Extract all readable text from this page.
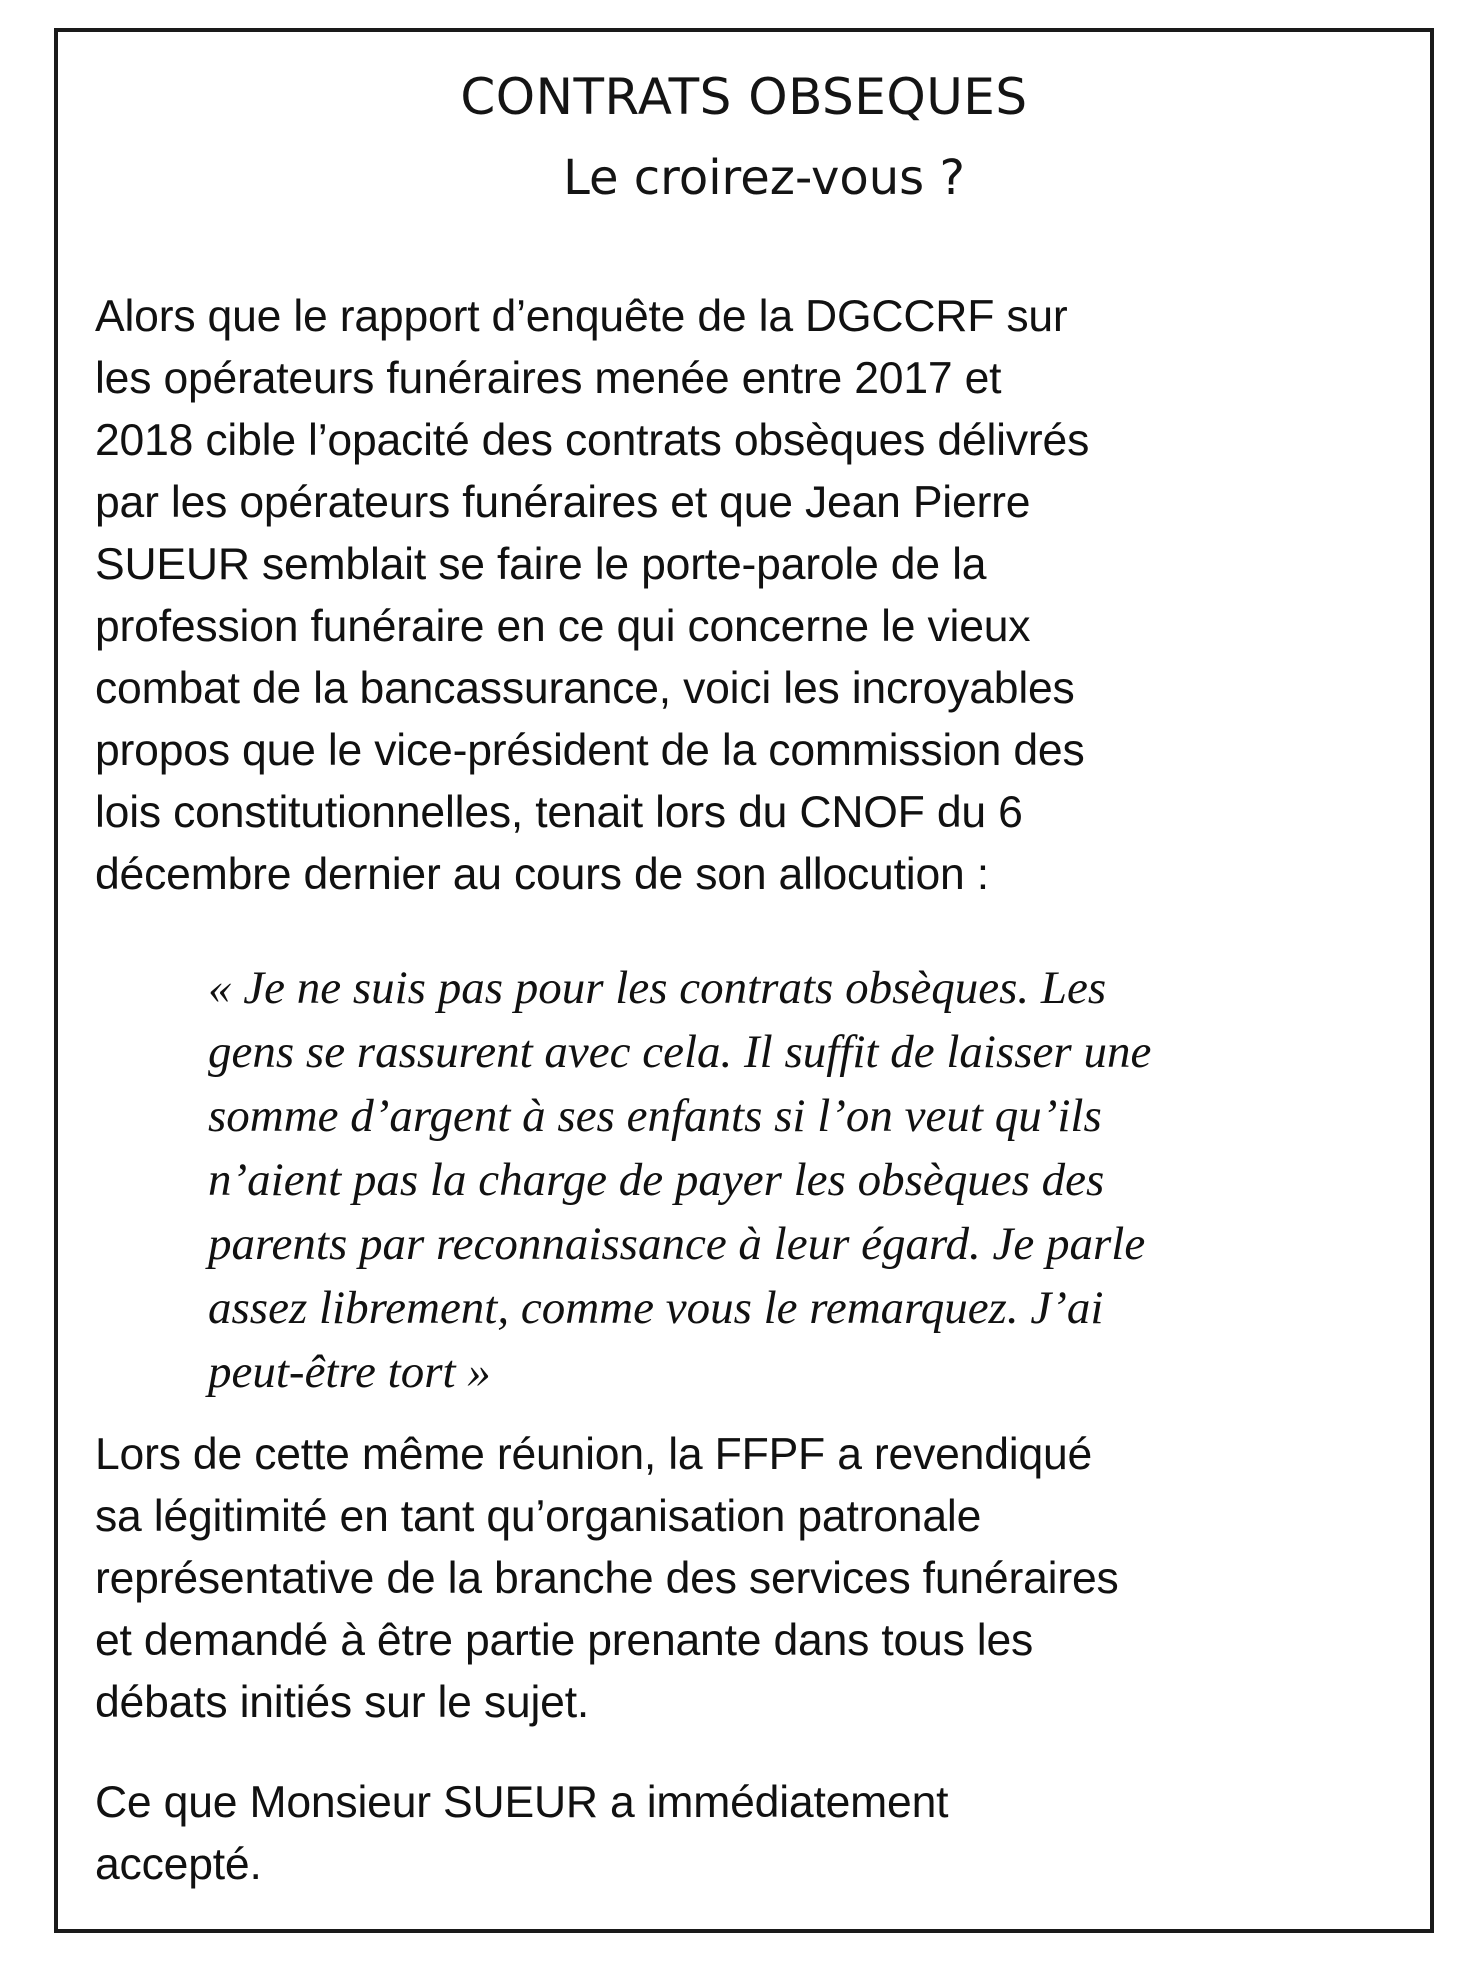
CONTRATS OBSEQUES
Le croirez-vous ?

Alors que le rapport d’enquête de la DGCCRF sur
les opérateurs funéraires menée entre 2017 et
2018 cible l’opacité des contrats obsèques délivrés
par les opérateurs funéraires et que Jean Pierre
SUEUR semblait se faire le porte-parole de la
profession funéraire en ce qui concerne le vieux
combat de la bancassurance, voici les incroyables
propos que le vice-président de la commission des
lois constitutionnelles, tenait lors du CNOF du 6
décembre dernier au cours de son allocution :

« Je ne suis pas pour les contrats obsèques. Les
gens se rassurent avec cela. Il suffit de laisser une
somme d’argent à ses enfants si l’on veut qu’ils
n’aient pas la charge de payer les obsèques des
parents par reconnaissance à leur égard. Je parle
assez librement, comme vous le remarquez. J’ai
peut-être tort »

Lors de cette même réunion, la FFPF a revendiqué
sa légitimité en tant qu’organisation patronale
représentative de la branche des services funéraires
et demandé à être partie prenante dans tous les
débats initiés sur le sujet.

Ce que Monsieur SUEUR a immédiatement
accepté.
